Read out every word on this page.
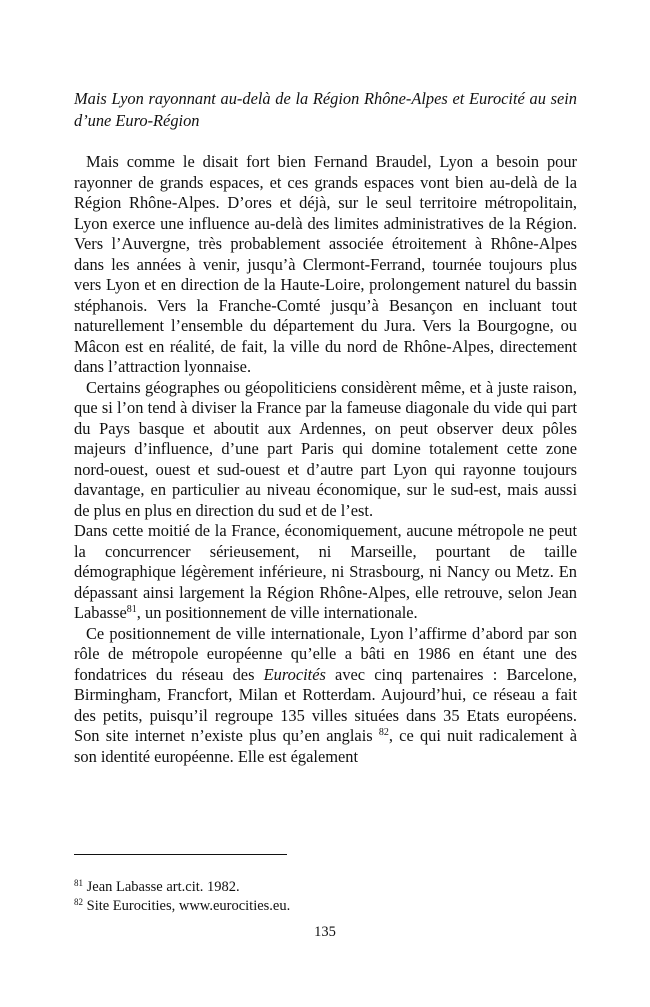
Mais Lyon rayonnant au-delà de la Région Rhône-Alpes et Eurocité au sein d’une Euro-Région

Mais comme le disait fort bien Fernand Braudel, Lyon a besoin pour rayonner de grands espaces, et ces grands espaces vont bien au-delà de la Région Rhône-Alpes. D’ores et déjà, sur le seul territoire métropolitain, Lyon exerce une influence au-delà des limites administratives de la Région. Vers l’Auvergne, très probablement associée étroitement à Rhône-Alpes dans les années à venir, jusqu’à Clermont-Ferrand, tournée toujours plus vers Lyon et en direction de la Haute-Loire, prolongement naturel du bassin stéphanois. Vers la Franche-Comté jusqu’à Besançon en incluant tout naturellement l’ensemble du département du Jura. Vers la Bourgogne, ou Mâcon est en réalité, de fait, la ville du nord de Rhône-Alpes, directement dans l’attraction lyonnaise.

Certains géographes ou géopoliticiens considèrent même, et à juste raison, que si l’on tend à diviser la France par la fameuse diagonale du vide qui part du Pays basque et aboutit aux Ardennes, on peut observer deux pôles majeurs d’influence, d’une part Paris qui domine totalement cette zone nord-ouest, ouest et sud-ouest et d’autre part Lyon qui rayonne toujours davantage, en particulier au niveau économique, sur le sud-est, mais aussi de plus en plus en direction du sud et de l’est.

Dans cette moitié de la France, économiquement, aucune métropole ne peut la concurrencer sérieusement, ni Marseille, pourtant de taille démographique légèrement inférieure, ni Strasbourg, ni Nancy ou Metz. En dépassant ainsi largement la Région Rhône-Alpes, elle retrouve, selon Jean Labasse$^{81}$, un positionnement de ville internationale.

Ce positionnement de ville internationale, Lyon l’affirme d’abord par son rôle de métropole européenne qu’elle a bâti en 1986 en étant une des fondatrices du réseau des Eurocités avec cinq partenaires : Barcelone, Birmingham, Francfort, Milan et Rotterdam. Aujourd’hui, ce réseau a fait des petits, puisqu’il regroupe 135 villes situées dans 35 Etats européens. Son site internet n’existe plus qu’en anglais $^{82}$, ce qui nuit radicalement à son identité européenne. Elle est également

$^{81}$ Jean Labasse art.cit. 1982.

$^{82}$ Site Eurocities, www.eurocities.eu.

135
